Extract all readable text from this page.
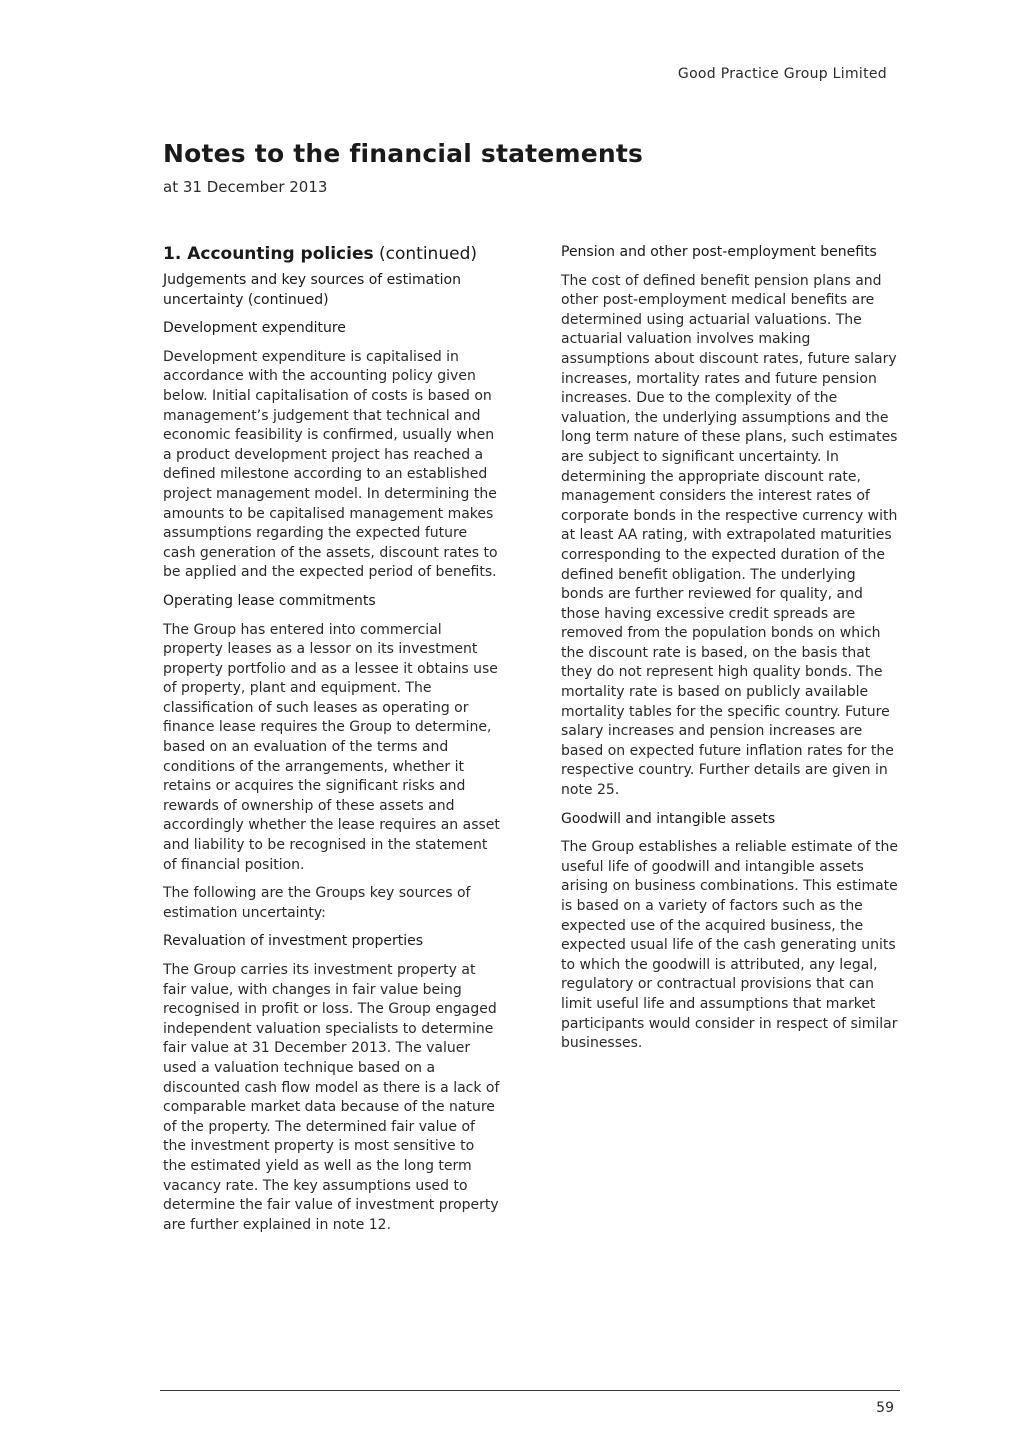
Good Practice Group Limited
Notes to the financial statements
at 31 December 2013
1. Accounting policies (continued)
Judgements and key sources of estimation uncertainty (continued)
Development expenditure

Development expenditure is capitalised in accordance with the accounting policy given below. Initial capitalisation of costs is based on management’s judgement that technical and economic feasibility is confirmed, usually when a product development project has reached a defined milestone according to an established project management model. In determining the amounts to be capitalised management makes assumptions regarding the expected future cash generation of the assets, discount rates to be applied and the expected period of benefits.

Operating lease commitments

The Group has entered into commercial property leases as a lessor on its investment property portfolio and as a lessee it obtains use of property, plant and equipment. The classification of such leases as operating or finance lease requires the Group to determine, based on an evaluation of the terms and conditions of the arrangements, whether it retains or acquires the significant risks and rewards of ownership of these assets and accordingly whether the lease requires an asset and liability to be recognised in the statement of financial position.

The following are the Groups key sources of estimation uncertainty:

Revaluation of investment properties

The Group carries its investment property at fair value, with changes in fair value being recognised in profit or loss. The Group engaged independent valuation specialists to determine fair value at 31 December 2013. The valuer used a valuation technique based on a discounted cash flow model as there is a lack of comparable market data because of the nature of the property. The determined fair value of the investment property is most sensitive to the estimated yield as well as the long term vacancy rate. The key assumptions used to determine the fair value of investment property are further explained in note 12.

Pension and other post-employment benefits

The cost of defined benefit pension plans and other post-employment medical benefits are determined using actuarial valuations. The actuarial valuation involves making assumptions about discount rates, future salary increases, mortality rates and future pension increases. Due to the complexity of the valuation, the underlying assumptions and the long term nature of these plans, such estimates are subject to significant uncertainty. In determining the appropriate discount rate, management considers the interest rates of corporate bonds in the respective currency with at least AA rating, with extrapolated maturities corresponding to the expected duration of the defined benefit obligation. The underlying bonds are further reviewed for quality, and those having excessive credit spreads are removed from the population bonds on which the discount rate is based, on the basis that they do not represent high quality bonds. The mortality rate is based on publicly available mortality tables for the specific country. Future salary increases and pension increases are based on expected future inflation rates for the respective country. Further details are given in note 25.

Goodwill and intangible assets

The Group establishes a reliable estimate of the useful life of goodwill and intangible assets arising on business combinations. This estimate is based on a variety of factors such as the expected use of the acquired business, the expected usual life of the cash generating units to which the goodwill is attributed, any legal, regulatory or contractual provisions that can limit useful life and assumptions that market participants would consider in respect of similar businesses.

59
